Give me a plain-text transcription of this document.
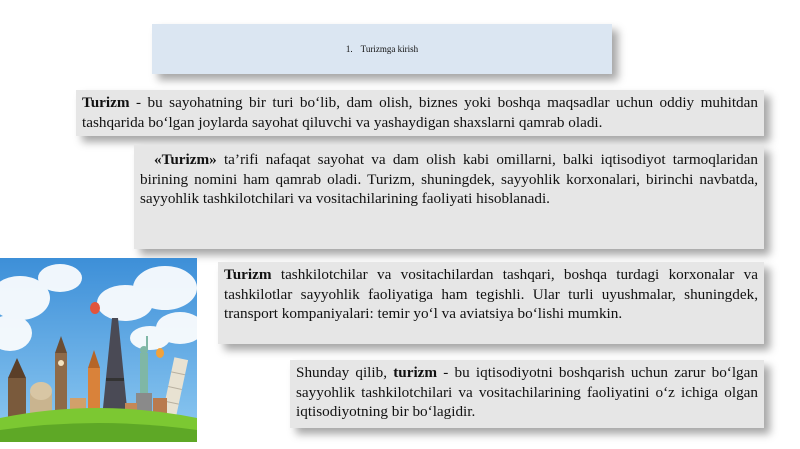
1. Turizmga kirish
Turizm - bu sayohatning bir turi boʻlib, dam olish, biznes yoki boshqa maqsadlar uchun oddiy muhitdan tashqarida boʻlgan joylarda sayohat qiluvchi va yashaydigan shaxslarni qamrab oladi.
«Turizm» ta’rifi nafaqat sayohat va dam olish kabi omillarni, balki iqtisodiyot tarmoqlaridan birining nomini ham qamrab oladi. Turizm, shuningdek, sayyohlik korxonalari, birinchi navbatda, sayyohlik tashkilotchilari va vositachilarining faoliyati hisoblanadi.
Turizm tashkilotchilar va vositachilardan tashqari, boshqa turdagi korxonalar va tashkilotlar sayyohlik faoliyatiga ham tegishli. Ular turli uyushmalar, shuningdek, transport kompaniyalari: temir yoʻl va aviatsiya boʻlishi mumkin.
Shunday qilib, turizm - bu iqtisodiyotni boshqarish uchun zarur boʻlgan sayyohlik tashkilotchilari va vositachilarining faoliyatini oʻz ichiga olgan iqtisodiyotning bir boʻlagidir.
